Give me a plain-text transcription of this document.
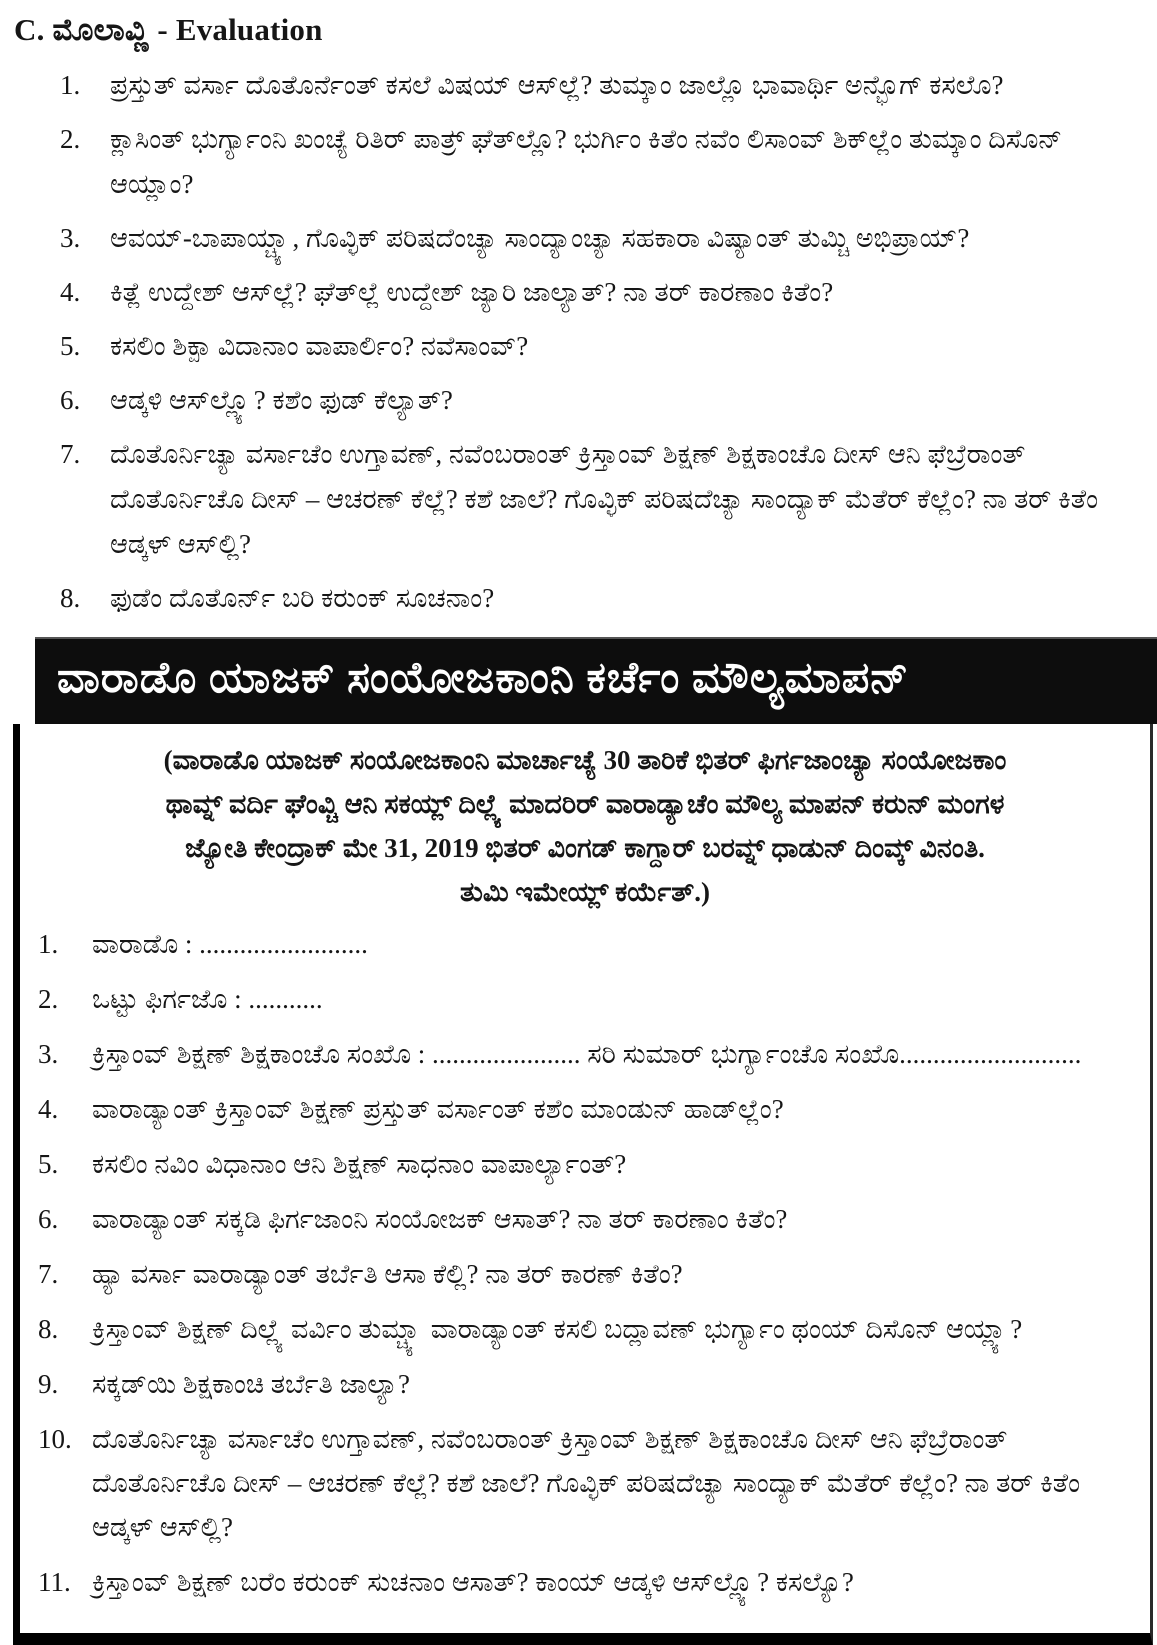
C. ಮೊಲಾವ್ಣಿ - Evaluation
1.	ಪ್ರಸ್ತುತ್ ವರ್ಸಾ ದೊತೊರ್ನೆಂತ್ ಕಸಲೆ ವಿಷಯ್ ಆಸ್‌ಲ್ಲೆ? ತುಮ್ಕಾಂ ಜಾಲ್ಲೊ ಭಾವಾರ್ಥಿ ಅನ್ಭೊಗ್ ಕಸಲೊ?
2.	ಕ್ಲಾಸಿಂತ್ ಭುರ್ಗ್ಯಾಂನಿ ಖಂಚ್ಯೆ ರಿತಿರ್ ಪಾತ್ರ್ ಘೆತ್‌ಲ್ಲೊ? ಭುರ್ಗಿಂ ಕಿತೆಂ ನವೆಂ ಲಿಸಾಂವ್ ಶಿಕ್‌ಲ್ಲೆಂ ತುಮ್ಕಾಂ ದಿಸೊನ್ ಆಯ್ಲಾಂ?
3.	ಆವಯ್-ಬಾಪಾಯ್ಚ್ಯಾ, ಗೊವ್ಳಿಕ್ ಪರಿಷದೆಂಚ್ಯಾ ಸಾಂದ್ಯಾಂಚ್ಯಾ ಸಹಕಾರಾ ವಿಷ್ಯಾಂತ್ ತುಮ್ಚಿ ಅಭಿಪ್ರಾಯ್?
4.	ಕಿತ್ಲೆ ಉದ್ದೇಶ್ ಆಸ್‌ಲ್ಲೆ? ಘೆತ್‌ಲ್ಲೆ ಉದ್ದೇಶ್ ಜ್ಯಾರಿ ಜಾಲ್ಯಾತ್? ನಾ ತರ್ ಕಾರಣಾಂ ಕಿತೆಂ?
5.	ಕಸಲಿಂ ಶಿಕ್ಪಾ ವಿದಾನಾಂ ವಾಪಾರ್ಲಿಂ? ನವೆಸಾಂವ್?
6.	ಆಡ್ಕಳಿ ಆಸ್‌ಲ್ಲ್ಯೊ? ಕಶೆಂ ಫುಡ್ ಕೆಲ್ಯಾತ್?
7.	ದೊತೊರ್ನಿಚ್ಯಾ ವರ್ಸಾಚೆಂ ಉಗ್ತಾವಣ್, ನವೆಂಬರಾಂತ್ ಕ್ರಿಸ್ತಾಂವ್ ಶಿಕ್ಷಣ್ ಶಿಕ್ಷಕಾಂಚೊ ದೀಸ್ ಆನಿ ಫೆಬ್ರೆರಾಂತ್ ದೊತೊರ್ನಿಚೊ ದೀಸ್ – ಆಚರಣ್ ಕೆಲ್ಲೆ? ಕಶೆ ಜಾಲೆ? ಗೊವ್ಳಿಕ್ ಪರಿಷದೆಚ್ಯಾ ಸಾಂದ್ಯಾಕ್ ಮೆತೆರ್ ಕೆಲ್ಲೆಂ? ನಾ ತರ್ ಕಿತೆಂ ಆಡ್ಕಳ್ ಆಸ್‌ಲ್ಲಿ?
8.	ಫುಡೆಂ ದೊತೊರ್ನ್ ಬರಿ ಕರುಂಕ್ ಸೂಚನಾಂ?
ವಾರಾಡೊ ಯಾಜಕ್ ಸಂಯೋಜಕಾಂನಿ ಕರ್ಚೆಂ ಮೌಲ್ಯಮಾಪನ್
(ವಾರಾಡೊ ಯಾಜಕ್ ಸಂಯೋಜಕಾಂನಿ ಮಾರ್ಚಾಚ್ಯೆ 30 ತಾರಿಕೆ ಭಿತರ್ ಫಿರ್ಗಜಾಂಚ್ಯಾ ಸಂಯೋಜಕಾಂ
ಥಾವ್ನ್ ವರ್ದಿ ಘೆಂವ್ಚಿ ಆನಿ ಸಕಯ್ಲ್ ದಿಲ್ಲ್ಯೆ ಮಾದರಿರ್ ವಾರಾಡ್ಯಾಚೆಂ ಮೌಲ್ಯ ಮಾಪನ್ ಕರುನ್ ಮಂಗಳ
ಜ್ಯೋತಿ ಕೇಂದ್ರಾಕ್ ಮೇ 31, 2019 ಭಿತರ್ ವಿಂಗಡ್ ಕಾಗ್ದಾರ್ ಬರವ್ನ್ ಧಾಡುನ್ ದಿಂವ್ಕ್ ವಿನಂತಿ.
ತುಮಿ ಇಮೇಯ್ಲ್ ಕರ್ಯೆತ್.)
1.	ವಾರಾಡೊ : .........................
2.	ಒಟ್ಟು ಫಿರ್ಗಜೊ : ...........
3.	ಕ್ರಿಸ್ತಾಂವ್ ಶಿಕ್ಷಣ್ ಶಿಕ್ಷಕಾಂಚೊ ಸಂಖೊ : ...................... ಸರಿ ಸುಮಾರ್ ಭುರ್ಗ್ಯಾಂಚೊ ಸಂಖೊ...........................
4.	ವಾರಾಡ್ಯಾಂತ್ ಕ್ರಿಸ್ತಾಂವ್ ಶಿಕ್ಷಣ್ ಪ್ರಸ್ತುತ್ ವರ್ಸಾಂತ್ ಕಶೆಂ ಮಾಂಡುನ್ ಹಾಡ್‌ಲ್ಲೆಂ?
5.	ಕಸಲಿಂ ನವಿಂ ವಿಧಾನಾಂ ಆನಿ ಶಿಕ್ಷಣ್ ಸಾಧನಾಂ ವಾಪಾರ್ಲ್ಯಾಂತ್?
6.	ವಾರಾಡ್ಯಾಂತ್ ಸಕ್ಕಡಿ ಫಿರ್ಗಜಾಂನಿ ಸಂಯೋಜಕ್ ಆಸಾತ್? ನಾ ತರ್ ಕಾರಣಾಂ ಕಿತೆಂ?
7.	ಹ್ಯಾ ವರ್ಸಾ ವಾರಾಡ್ಯಾಂತ್ ತರ್ಬೆತಿ ಆಸಾ ಕೆಲ್ಲಿ? ನಾ ತರ್ ಕಾರಣ್ ಕಿತೆಂ?
8.	ಕ್ರಿಸ್ತಾಂವ್ ಶಿಕ್ಷಣ್ ದಿಲ್ಲ್ಯೆ ವರ್ವಿಂ ತುಮ್ಚ್ಯಾ ವಾರಾಡ್ಯಾಂತ್ ಕಸಲಿ ಬದ್ಲಾವಣ್ ಭುರ್ಗ್ಯಾಂ ಥಂಯ್ ದಿಸೊನ್ ಆಯ್ಲ್ಯಾ?
9.	ಸಕ್ಕಡ್‌ಯಿ ಶಿಕ್ಷಕಾಂಚಿ ತರ್ಬೆತಿ ಜಾಲ್ಯಾ?
10. ದೊತೊರ್ನಿಚ್ಯಾ ವರ್ಸಾಚೆಂ ಉಗ್ತಾವಣ್, ನವೆಂಬರಾಂತ್ ಕ್ರಿಸ್ತಾಂವ್ ಶಿಕ್ಷಣ್ ಶಿಕ್ಷಕಾಂಚೊ ದೀಸ್ ಆನಿ ಫೆಬ್ರೆರಾಂತ್ ದೊತೊರ್ನಿಚೊ ದೀಸ್ – ಆಚರಣ್ ಕೆಲ್ಲೆ? ಕಶೆ ಜಾಲೆ? ಗೊವ್ಳಿಕ್ ಪರಿಷದೆಚ್ಯಾ ಸಾಂದ್ಯಾಕ್ ಮೆತೆರ್ ಕೆಲ್ಲೆಂ? ನಾ ತರ್ ಕಿತೆಂ ಆಡ್ಕಳ್ ಆಸ್‌ಲ್ಲಿ?
11. ಕ್ರಿಸ್ತಾಂವ್ ಶಿಕ್ಷಣ್ ಬರೆಂ ಕರುಂಕ್ ಸುಚನಾಂ ಆಸಾತ್? ಕಾಂಯ್ ಆಡ್ಕಳಿ ಆಸ್‌ಲ್ಲ್ಯೊ? ಕಸಲ್ಯೊ?
